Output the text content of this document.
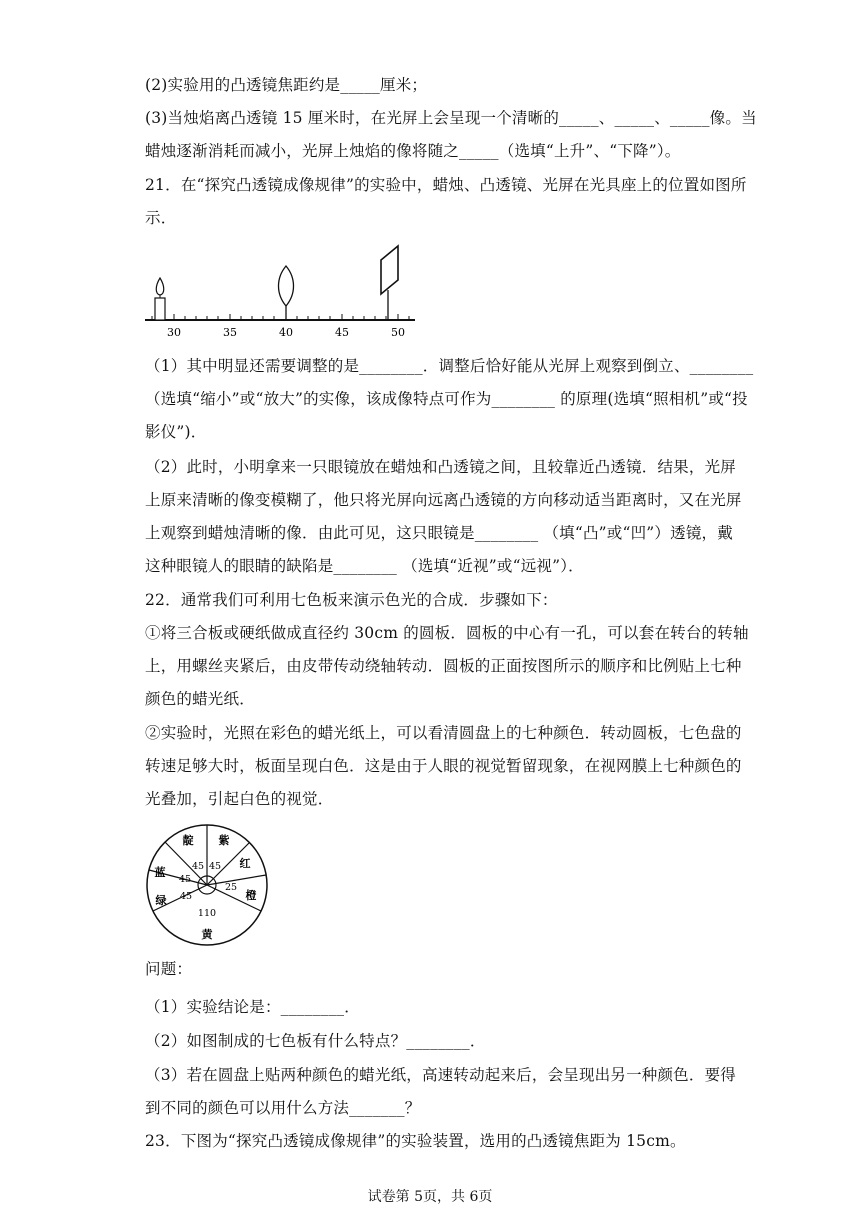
(2)实验用的凸透镜焦距约是_____厘米；
(3)当烛焰离凸透镜 15 厘米时，在光屏上会呈现一个清晰的_____、_____、_____像。当
蜡烛逐渐消耗而减小，光屏上烛焰的像将随之_____（选填“上升”、“下降”）。
21．在“探究凸透镜成像规律”的实验中，蜡烛、凸透镜、光屏在光具座上的位置如图所
示．
30	35	40	45	50
（1）其中明显还需要调整的是________．调整后恰好能从光屏上观察到倒立、________
（选填“缩小”或“放大”的实像，该成像特点可作为________ 的原理(选填“照相机”或“投
影仪”)．
（2）此时，小明拿来一只眼镜放在蜡烛和凸透镜之间，且较靠近凸透镜．结果，光屏
上原来清晰的像变模糊了，他只将光屏向远离凸透镜的方向移动适当距离时，又在光屏
上观察到蜡烛清晰的像．由此可见，这只眼镜是________ （填“凸”或“凹”）透镜，戴
这种眼镜人的眼睛的缺陷是________ （选填“近视”或“远视”）．
22．通常我们可利用七色板来演示色光的合成．步骤如下：
①将三合板或硬纸做成直径约 30cm 的圆板．圆板的中心有一孔，可以套在转台的转轴
上，用螺丝夹紧后，由皮带传动绕轴转动．圆板的正面按图所示的顺序和比例贴上七种
颜色的蜡光纸．
②实验时，光照在彩色的蜡光纸上，可以看清圆盘上的七种颜色．转动圆板，七色盘的
转速足够大时，板面呈现白色．这是由于人眼的视觉暂留现象，在视网膜上七种颜色的
光叠加，引起白色的视觉．
靛 紫
红
橙
黄
绿
蓝	45 45
45
25
45
110
问题：
（1）实验结论是：________．
（2）如图制成的七色板有什么特点？________．
（3）若在圆盘上贴两种颜色的蜡光纸，高速转动起来后，会呈现出另一种颜色．要得
到不同的颜色可以用什么方法_______？
23．下图为“探究凸透镜成像规律”的实验装置，选用的凸透镜焦距为 15cm。
试卷第 5页，共 6页
